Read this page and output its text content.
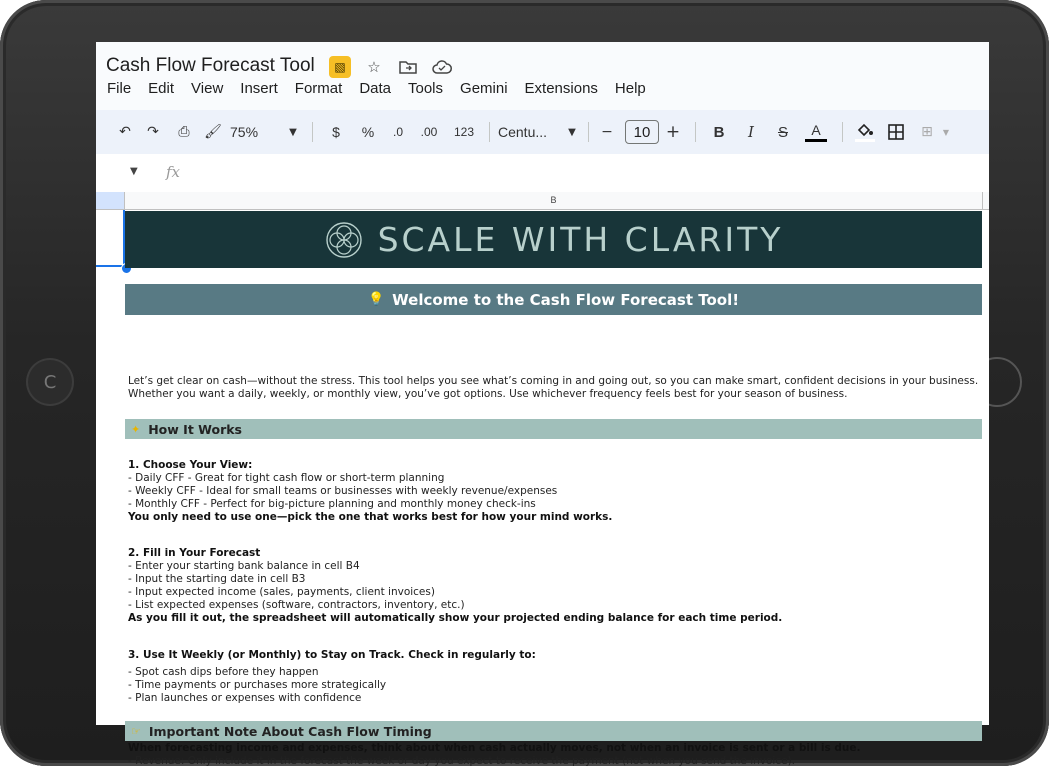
C
Cash Flow Forecast Tool	▧	☆
File Edit View Insert Format Data Tools Gemini Extensions Help
↶	↷	⎙	🖌 75%	▼	$	%	.0	.00	123	Centu...	▼ −	10 +	B	I	S	A	⊞	▼
▼ fx
B
SCALE WITH CLARITY
💡 Welcome to the Cash Flow Forecast Tool!
Let’s get clear on cash—without the stress. This tool helps you see what’s coming in and going out, so you can make smart, confident decisions in your business.
Whether you want a daily, weekly, or monthly view, you’ve got options. Use whichever frequency feels best for your season of business.
✦ How It Works
1. Choose Your View:
- Daily CFF - Great for tight cash flow or short-term planning
- Weekly CFF - Ideal for small teams or businesses with weekly revenue/expenses
- Monthly CFF - Perfect for big-picture planning and monthly money check-ins
You only need to use one—pick the one that works best for how your mind works.
2. Fill in Your Forecast
- Enter your starting bank balance in cell B4
- Input the starting date in cell B3
- Input expected income (sales, payments, client invoices)
- List expected expenses (software, contractors, inventory, etc.)
As you fill it out, the spreadsheet will automatically show your projected ending balance for each time period.
3. Use It Weekly (or Monthly) to Stay on Track. Check in regularly to:
- Spot cash dips before they happen
- Time payments or purchases more strategically
- Plan launches or expenses with confidence
☞ Important Note About Cash Flow Timing
When forecasting income and expenses, think about when cash actually moves, not when an invoice is sent or a bill is due.
- Revenue: Only include it in the forecast the week or day you expect to receive the payment (not when you send the invoice).
